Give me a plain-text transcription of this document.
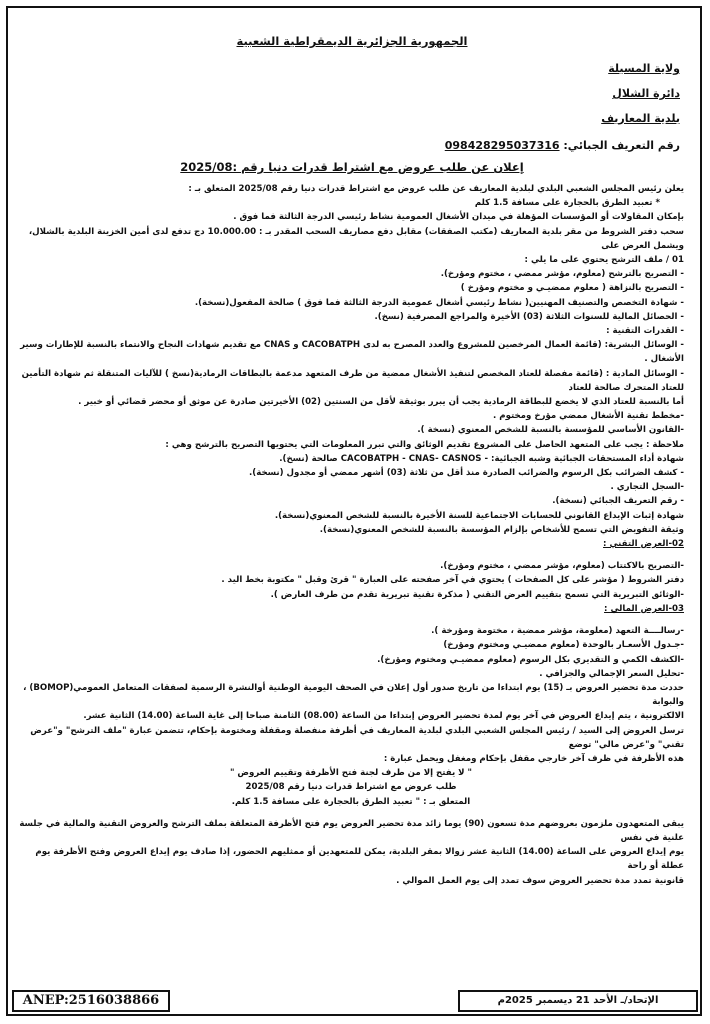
الجمهورية الجزائرية الديمقراطية الشعبية
ولاية المسيلة
دائرة الشلال
بلدية المعاريف
رقم التعريف الجبائي: 098428295037316
إعلان عن طلب عروض مع اشتراط قدرات دنيا رقم :2025/08
يعلن رئيس المجلس الشعبي البلدي لبلدية المعاريف عن طلب عروض مع اشتراط قدرات دنيا رقم 2025/08 المتعلق بـ :
* تعبيد الطرق بالحجارة على مسافة 1.5 كلم
بإمكان المقاولات أو المؤسسات المؤهلة في ميدان الأشغال العمومية نشاط رئيسي الدرجة الثالثة فما فوق .
سحب دفتر الشروط من مقر بلدية المعاريف (مكتب الصفقات) مقابل دفع مصاريف السحب المقدر بـ : 10.000.00 دج تدفع لدى أمين الخزينة البلدية بالشلال، ويشمل العرض على
01 / ملف الترشح يحتوي على ما يلي :
- التصريح بالترشح (معلوم، مؤشر ممضي ، مختوم ومؤرخ).
- التصريح بالنزاهة ( معلوم ممضيـي و مختوم ومؤرخ )
- شهادة التخصص والتصنيف المهنيين( نشاط رئيسي أشغال عمومية الدرجة الثالثة فما فوق ) صالحة المفعول(نسخة).
- الحصائل المالية للسنوات الثلاثة (03) الأخيرة والمراجع المصرفية (نسخ).
- القدرات التقنية :
- الوسائل البشرية: (قائمة العمال المرخصين للمشروع والعدد المصرح به لدى CACOBATPH و CNAS مع تقديم شهادات النجاح والانتماء بالنسبة للإطارات وسير الأشغال .
- الوسائل المادية : (قائمة مفصلة للعتاد المخصص لتنفيذ الأشغال ممضية من طرف المتعهد مدعمة بالبطاقات الرمادية(نسخ ) للآليات المتنقلة ثم شهادة التأمين للعتاد المتحرك صالحة للعتاد
أما بالنسبة للعتاد الذي لا يخضع للبطاقة الرمادية يجب أن يبرر بوثيقة لأقل من السنتين (02) الأخيرتين صادرة عن موثق أو محضر قضائي أو خبير .
-مخطط تقنية الأشغال ممضي مؤرخ ومختوم .
-القانون الأساسي للمؤسسة بالنسبة للشخص المعنوي (نسخة ).
ملاحظة : يجب على المتعهد الحاصل على المشروع تقديم الوثائق والتي تبرر المعلومات التي يحتويها التصريح بالترشح وهي :
شهادة أداء المستحقات الجبائية وشبه الجبائية: - CACOBATPH - CNAS- CASNOS صالحة (نسخ).
- كشف الضرائب بكل الرسوم والضرائب الصادرة منذ أقل من ثلاثة (03) أشهر ممضي أو مجدول (نسخة).
-السجل التجاري .
- رقم التعريف الجبائي (نسخة).
شهادة إثبات الإيداع القانوني للحسابات الاجتماعية للسنة الأخيرة بالنسبة للشخص المعنوي(نسخة).
وثيقة التفويض التي تسمح للأشخاص بإلزام المؤسسة بالنسبة للشخص المعنوي(نسخة).
02-العرض التقني :
-التصريح بالاكتتاب (معلوم، مؤشر ممضي ، مختوم ومؤرخ).
دفتر الشروط ( مؤشر على كل الصفحات ) يحتوي في آخر صفحته على العبارة " قرئ وقبل " مكتوبة بخط اليد .
-الوثائق التبريرية التي تسمح بتقييم العرض التقني ( مذكرة تقنية تبريرية تقدم من طرف العارض ).
03-العرض المالي :
-رسالــــة التعهد (معلومة، مؤشر ممضية ، مختومة ومؤرخة ).
-جـدول الأسعـار بالوحدة (معلوم ممضيـي ومختوم ومؤرخ)
-الكشف الكمي و التقديري بكل الرسوم (معلوم ممضيـي ومختوم ومؤرخ).
-تحليل السعر الإجمالي والجزافي .
حددت مدة تحضير العروض بـ (15) يوم ابتداءا من تاريخ صدور أول إعلان في الصحف اليومية الوطنية أوالنشرة الرسمية لصفقات المتعامل العمومي(BOMOP) ، والبوابة
الالكترونية ، يتم إيداع العروض في آخر يوم لمدة تحضير العروض إبتداءا من الساعة (08.00) الثامنة صباحا إلى غاية الساعة (14.00) الثانية عشر.
ترسل العروض إلى السيد / رئيس المجلس الشعبي البلدي لبلدية المعاريف في أظرفة منفصلة ومقفلة ومختومة بإحكام، تتضمن عبارة "ملف الترشح" و"عرض تقني" و"عرض مالي" توضع
هذه الأظرفة في ظرف آخر خارجي مقفل بإحكام ومغفل ويحمل عبارة :
" لا يفتح إلا من طرف لجنة فتح الأظرفة وتقييم العروض "
طلب عروض مع اشتراط قدرات دنيا رقم 2025/08
المتعلق بـ : " تعبيد الطرق بالحجارة على مسافة 1.5 كلم.
يبقى المتعهدون ملزمون بعروضهم مدة تسعون (90) يوما زائد مدة تحضير العروض يوم فتح الأظرفة المتعلقة بملف الترشح والعروض التقنية والمالية في جلسة علنية في نفس
يوم إيداع العروض على الساعة (14.00) الثانية عشر زوالا بمقر البلدية، يمكن للمتعهدين أو ممثليهم الحضور، إذا صادف يوم إيداع العروض وفتح الأظرفة يوم عطلة أو راحة
قانونية تمدد مدة تحضير العروض سوف تمدد إلى يوم العمل الموالي .
ANEP:2516038866	الإتحاد/ـ الأحد 21 ديسمبر 2025م
